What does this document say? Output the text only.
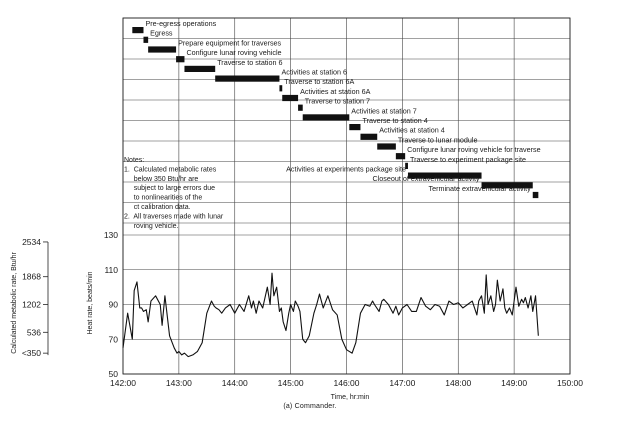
Pre-egress operations
Egress
Prepare equipment for traverses
Configure lunar roving vehicle
Traverse to station 6
Activities at station 6
Traverse to station 6A
Activities at station 6A
Traverse to station 7
Activities at station 7
Traverse to station 4
Activities at station 4
Traverse to lunar module
Configure lunar roving vehicle for traverse
Traverse to experiment package site
Activities at experiments package site
Closeout of extravehicular activity
Terminate extravehicular activity
142:00	143:00	144:00	145:00	146:00	147:00	148:00	149:00	150:00
50
70
90
110
130
<350
536
1202
1868
2534
Time, hr:min
Heat rate, beats/min
Calculated metabolic rate, Btu/hr
Notes:
1.  Calculated metabolic rates
below 350 Btu/hr are
subject to large errors due
to nonlinearities of the
ct calibration data.
2.  All traverses made with lunar
roving vehicle.
(a) Commander.
